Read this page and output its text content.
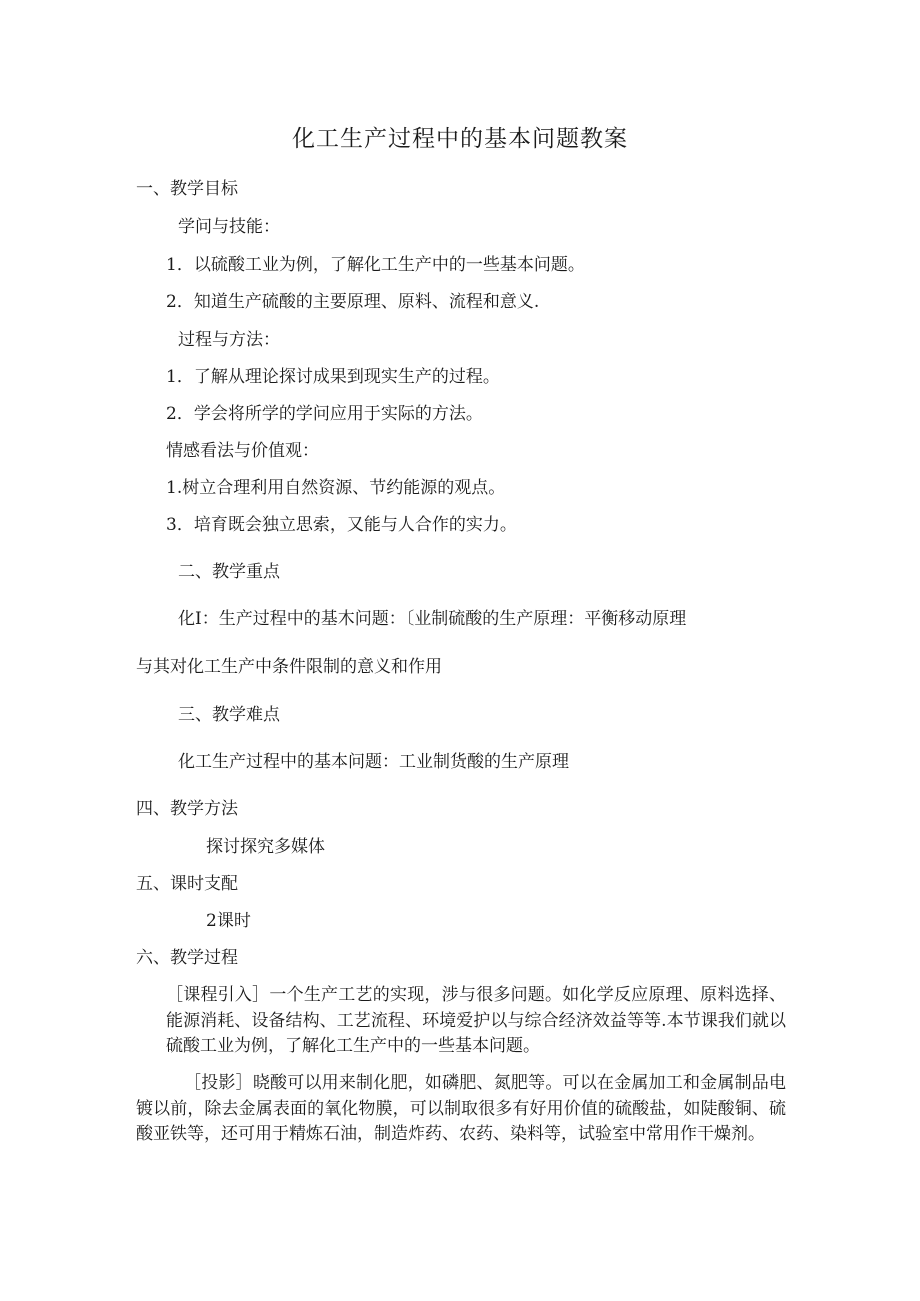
化工生产过程中的基本问题教案
一、教学目标
学问与技能：
1．以硫酸工业为例，了解化工生产中的一些基本问题。
2．知道生产硫酸的主要原理、原料、流程和意义.
过程与方法：
1．了解从理论探讨成果到现实生产的过程。
2．学会将所学的学问应用于实际的方法。
情感看法与价值观：
1.树立合理利用自然资源、节约能源的观点。
3．培育既会独立思索，又能与人合作的实力。
二、教学重点
化I：生产过程中的基木问题：〔业制硫酸的生产原理：平衡移动原理
与其对化工生产中条件限制的意义和作用
三、教学难点
化工生产过程中的基本问题：工业制货酸的生产原理
四、教学方法
探讨探究多媒体
五、课时支配
2课时
六、教学过程
［课程引入］一个生产工艺的实现，涉与很多问题。如化学反应原理、原料选择、能源消耗、设备结构、工艺流程、环境爱护以与综合经济效益等等.本节课我们就以硫酸工业为例，了解化工生产中的一些基本问题。
［投影］晓酸可以用来制化肥，如磷肥、氮肥等。可以在金属加工和金属制品电镀以前，除去金属表面的氧化物膜，可以制取很多有好用价值的硫酸盐，如陡酸铜、硫酸亚铁等，还可用于精炼石油，制造炸药、农药、染料等，试验室中常用作干燥剂。
